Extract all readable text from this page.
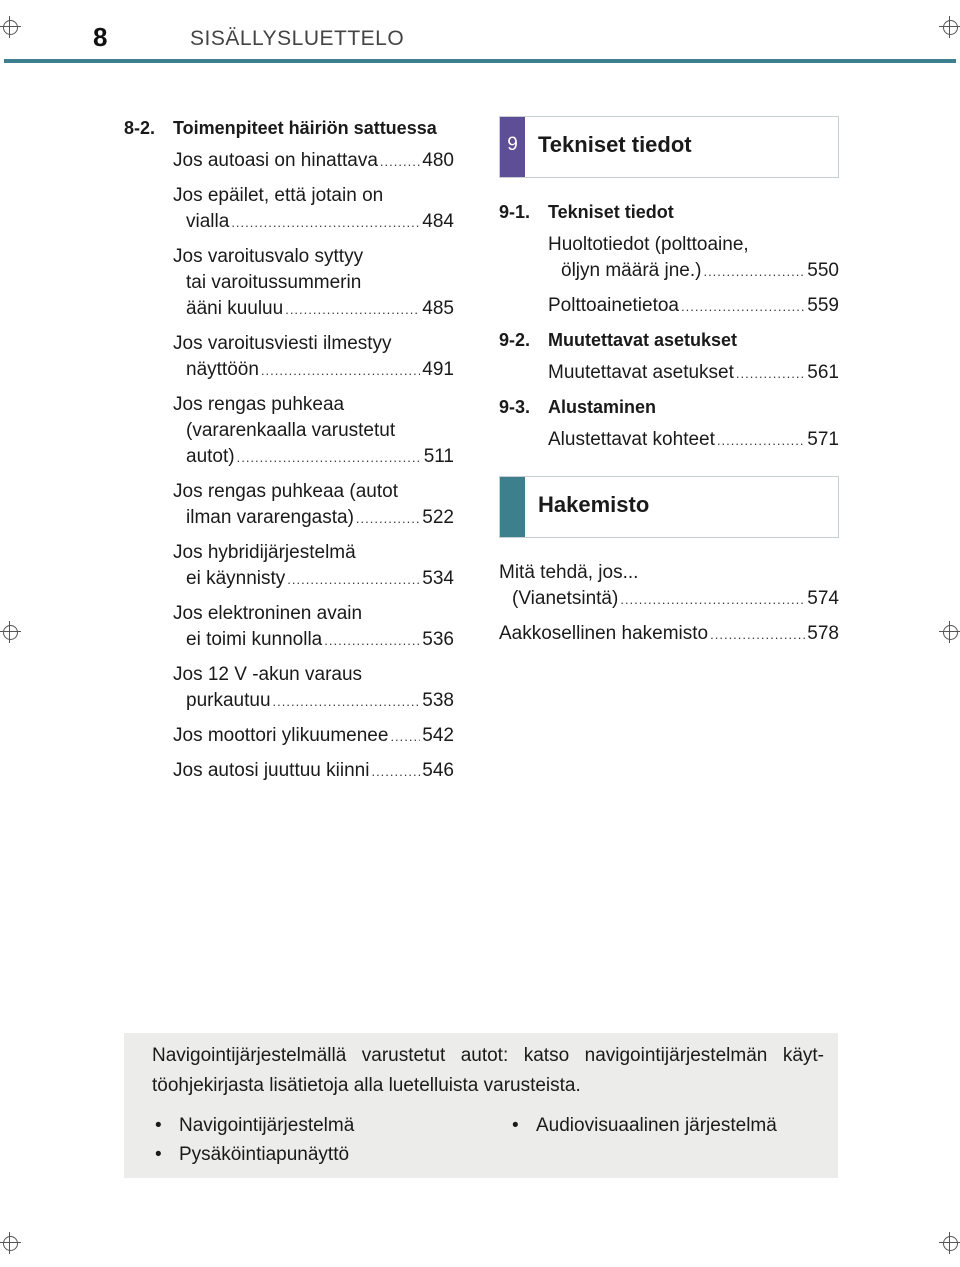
8	SISÄLLYSLUETTELO
8-2. Toimenpiteet häiriön sattuessa
Jos autoasi on hinattava ..... 480
Jos epäilet, että jotain on
vialla .....	484
Jos varoitusvalo syttyy
tai varoitussummerin
ääni kuuluu .....	485
Jos varoitusviesti ilmestyy
näyttöön .....	491
Jos rengas puhkeaa
(vararenkaalla varustetut
autot) .....	511
Jos rengas puhkeaa (autot
ilman vararengasta) .....	522
Jos hybridijärjestelmä
ei käynnisty .....	534
Jos elektroninen avain
ei toimi kunnolla .....	536
Jos 12 V -akun varaus
purkautuu .....	538
Jos moottori ylikuumenee ..... 542
Jos autosi juuttuu kiinni .....	546
9 Tekniset tiedot
9-1. Tekniset tiedot
Huoltotiedot (polttoaine,
öljyn määrä jne.) .....	550
Polttoainetietoa .....	559
9-2. Muutettavat asetukset
Muutettavat asetukset .....	561
9-3. Alustaminen
Alustettavat kohteet .....	571
Hakemisto
Mitä tehdä, jos...
(Vianetsintä) .....	574
Aakkosellinen hakemisto .....	578
Navigointijärjestelmällä varustetut autot: katso navigointijärjestelmän käyt-töohjekirjasta lisätietoja alla luetelluista varusteista.
• Navigointijärjestelmä
• Pysäköintiapunäyttö
• Audiovisuaalinen järjestelmä
